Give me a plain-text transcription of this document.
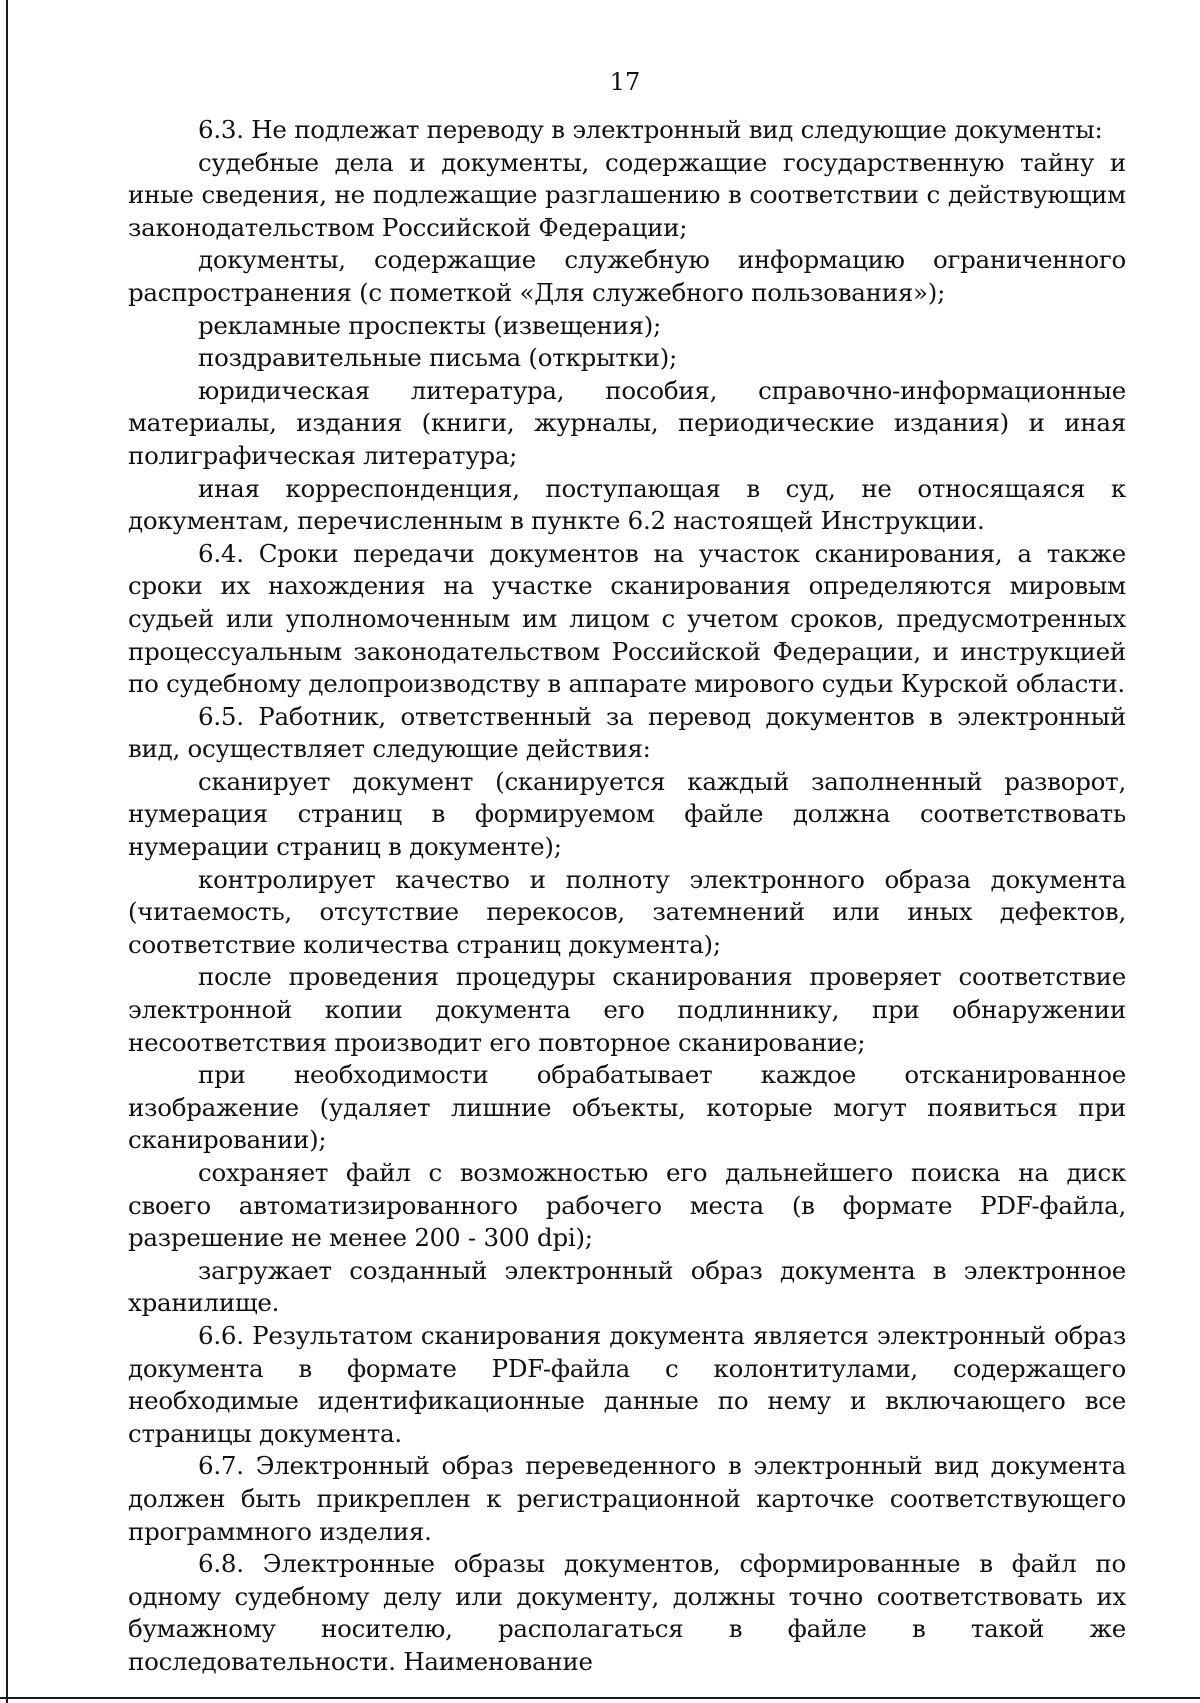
17

6.3. Не подлежат переводу в электронный вид следующие документы:

судебные дела и документы, содержащие государственную тайну и иные сведения, не подлежащие разглашению в соответствии с действующим законодательством Российской Федерации;

документы, содержащие служебную информацию ограниченного распространения (с пометкой «Для служебного пользования»);

рекламные проспекты (извещения);

поздравительные письма (открытки);

юридическая литература, пособия, справочно-информационные материалы, издания (книги, журналы, периодические издания) и иная полиграфическая литература;

иная корреспонденция, поступающая в суд, не относящаяся к документам, перечисленным в пункте 6.2 настоящей Инструкции.

6.4. Сроки передачи документов на участок сканирования, а также сроки их нахождения на участке сканирования определяются мировым судьей или уполномоченным им лицом с учетом сроков, предусмотренных процессуальным законодательством Российской Федерации, и инструкцией по судебному делопроизводству в аппарате мирового судьи Курской области.

6.5. Работник, ответственный за перевод документов в электронный вид, осуществляет следующие действия:

сканирует документ (сканируется каждый заполненный разворот, нумерация страниц в формируемом файле должна соответствовать нумерации страниц в документе);

контролирует качество и полноту электронного образа документа (читаемость, отсутствие перекосов, затемнений или иных дефектов, соответствие количества страниц документа);

после проведения процедуры сканирования проверяет соответствие электронной копии документа его подлиннику, при обнаружении несоответствия производит его повторное сканирование;

при необходимости обрабатывает каждое отсканированное изображение (удаляет лишние объекты, которые могут появиться при сканировании);

сохраняет файл с возможностью его дальнейшего поиска на диск своего автоматизированного рабочего места (в формате PDF-файла, разрешение не менее 200 - 300 dpi);

загружает созданный электронный образ документа в электронное хранилище.

6.6. Результатом сканирования документа является электронный образ документа в формате PDF-файла с колонтитулами, содержащего необходимые идентификационные данные по нему и включающего все страницы документа.

6.7. Электронный образ переведенного в электронный вид документа должен быть прикреплен к регистрационной карточке соответствующего программного изделия.

6.8. Электронные образы документов, сформированные в файл по одному судебному делу или документу, должны точно соответствовать их бумажному носителю, располагаться в файле в такой же последовательности. Наименование
